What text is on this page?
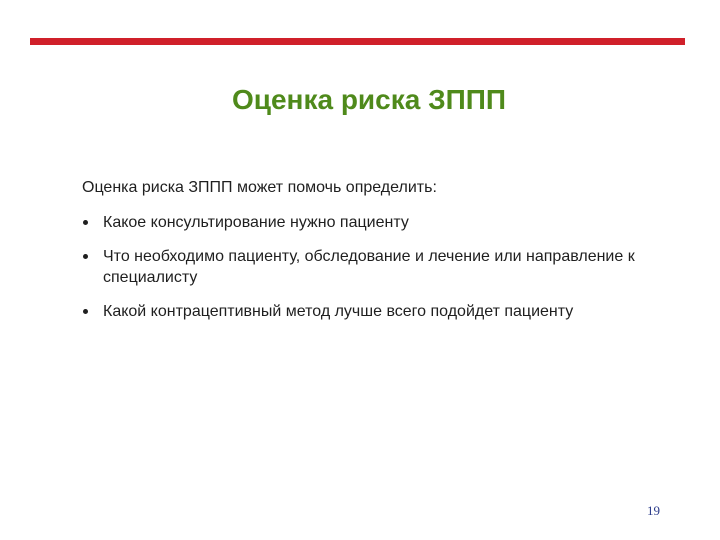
Оценка риска ЗППП
Оценка риска ЗППП может помочь определить:
Какое консультирование нужно пациенту
Что необходимо пациенту, обследование и лечение или направление к специалисту
Какой контрацептивный метод лучше всего подойдет пациенту
19
